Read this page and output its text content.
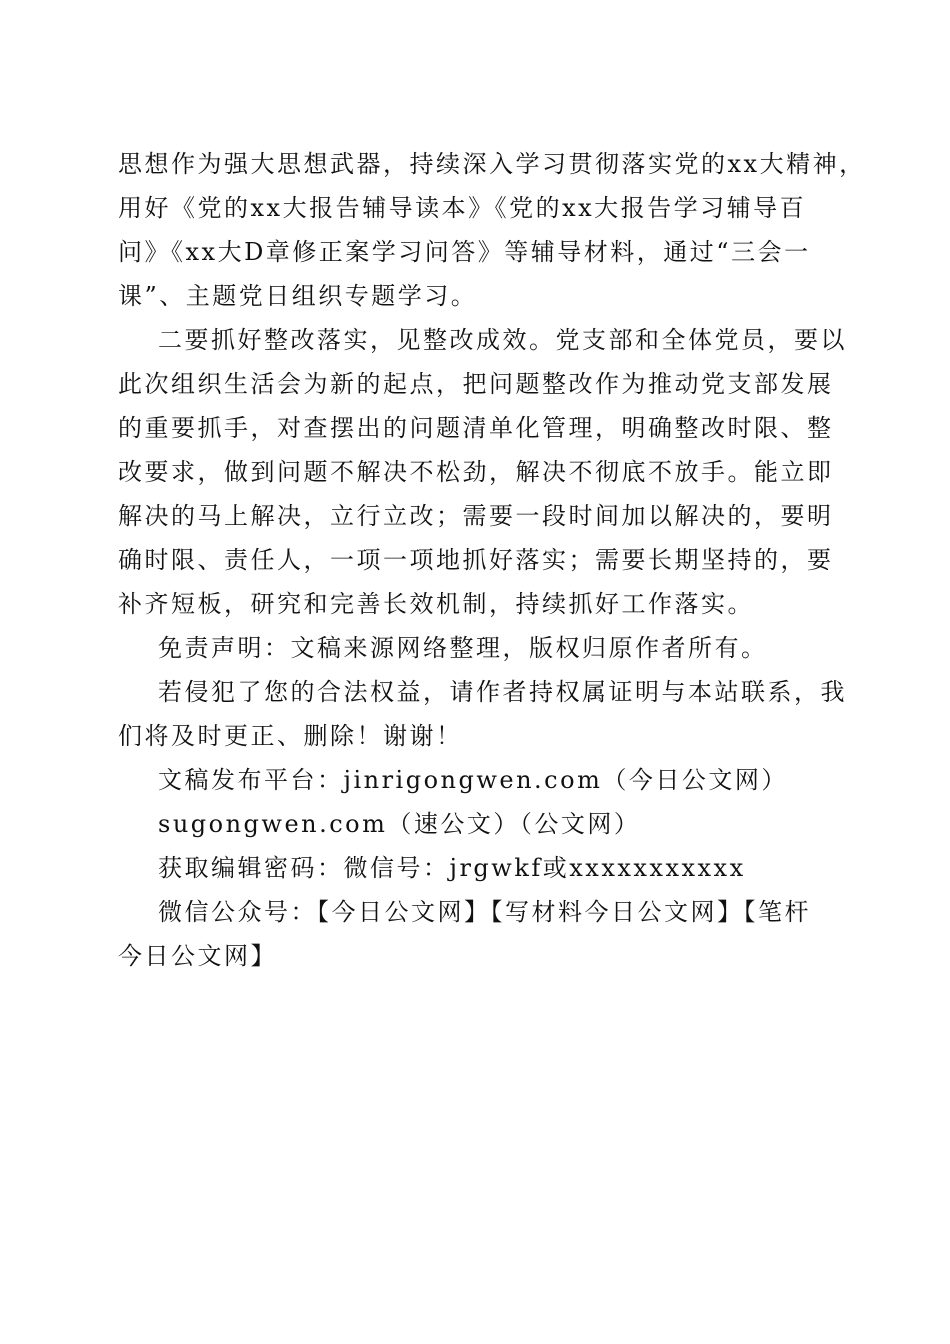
思想作为强大思想武器，持续深入学习贯彻落实党的xx大精神，
用好《党的xx大报告辅导读本》《党的xx大报告学习辅导百
问》《xx大D章修正案学习问答》等辅导材料，通过“三会一
课”、主题党日组织专题学习。
二要抓好整改落实，见整改成效。党支部和全体党员，要以
此次组织生活会为新的起点，把问题整改作为推动党支部发展
的重要抓手，对查摆出的问题清单化管理，明确整改时限、整
改要求，做到问题不解决不松劲，解决不彻底不放手。能立即
解决的马上解决，立行立改；需要一段时间加以解决的，要明
确时限、责任人，一项一项地抓好落实；需要长期坚持的，要
补齐短板，研究和完善长效机制，持续抓好工作落实。
免责声明：文稿来源网络整理，版权归原作者所有。
若侵犯了您的合法权益，请作者持权属证明与本站联系，我
们将及时更正、删除！谢谢！
文稿发布平台：jinrigongwen.com（今日公文网）
sugongwen.com（速公文）（公文网）
获取编辑密码：微信号：jrgwkf或xxxxxxxxxxx
微信公众号：【今日公文网】【写材料今日公文网】【笔杆
今日公文网】
